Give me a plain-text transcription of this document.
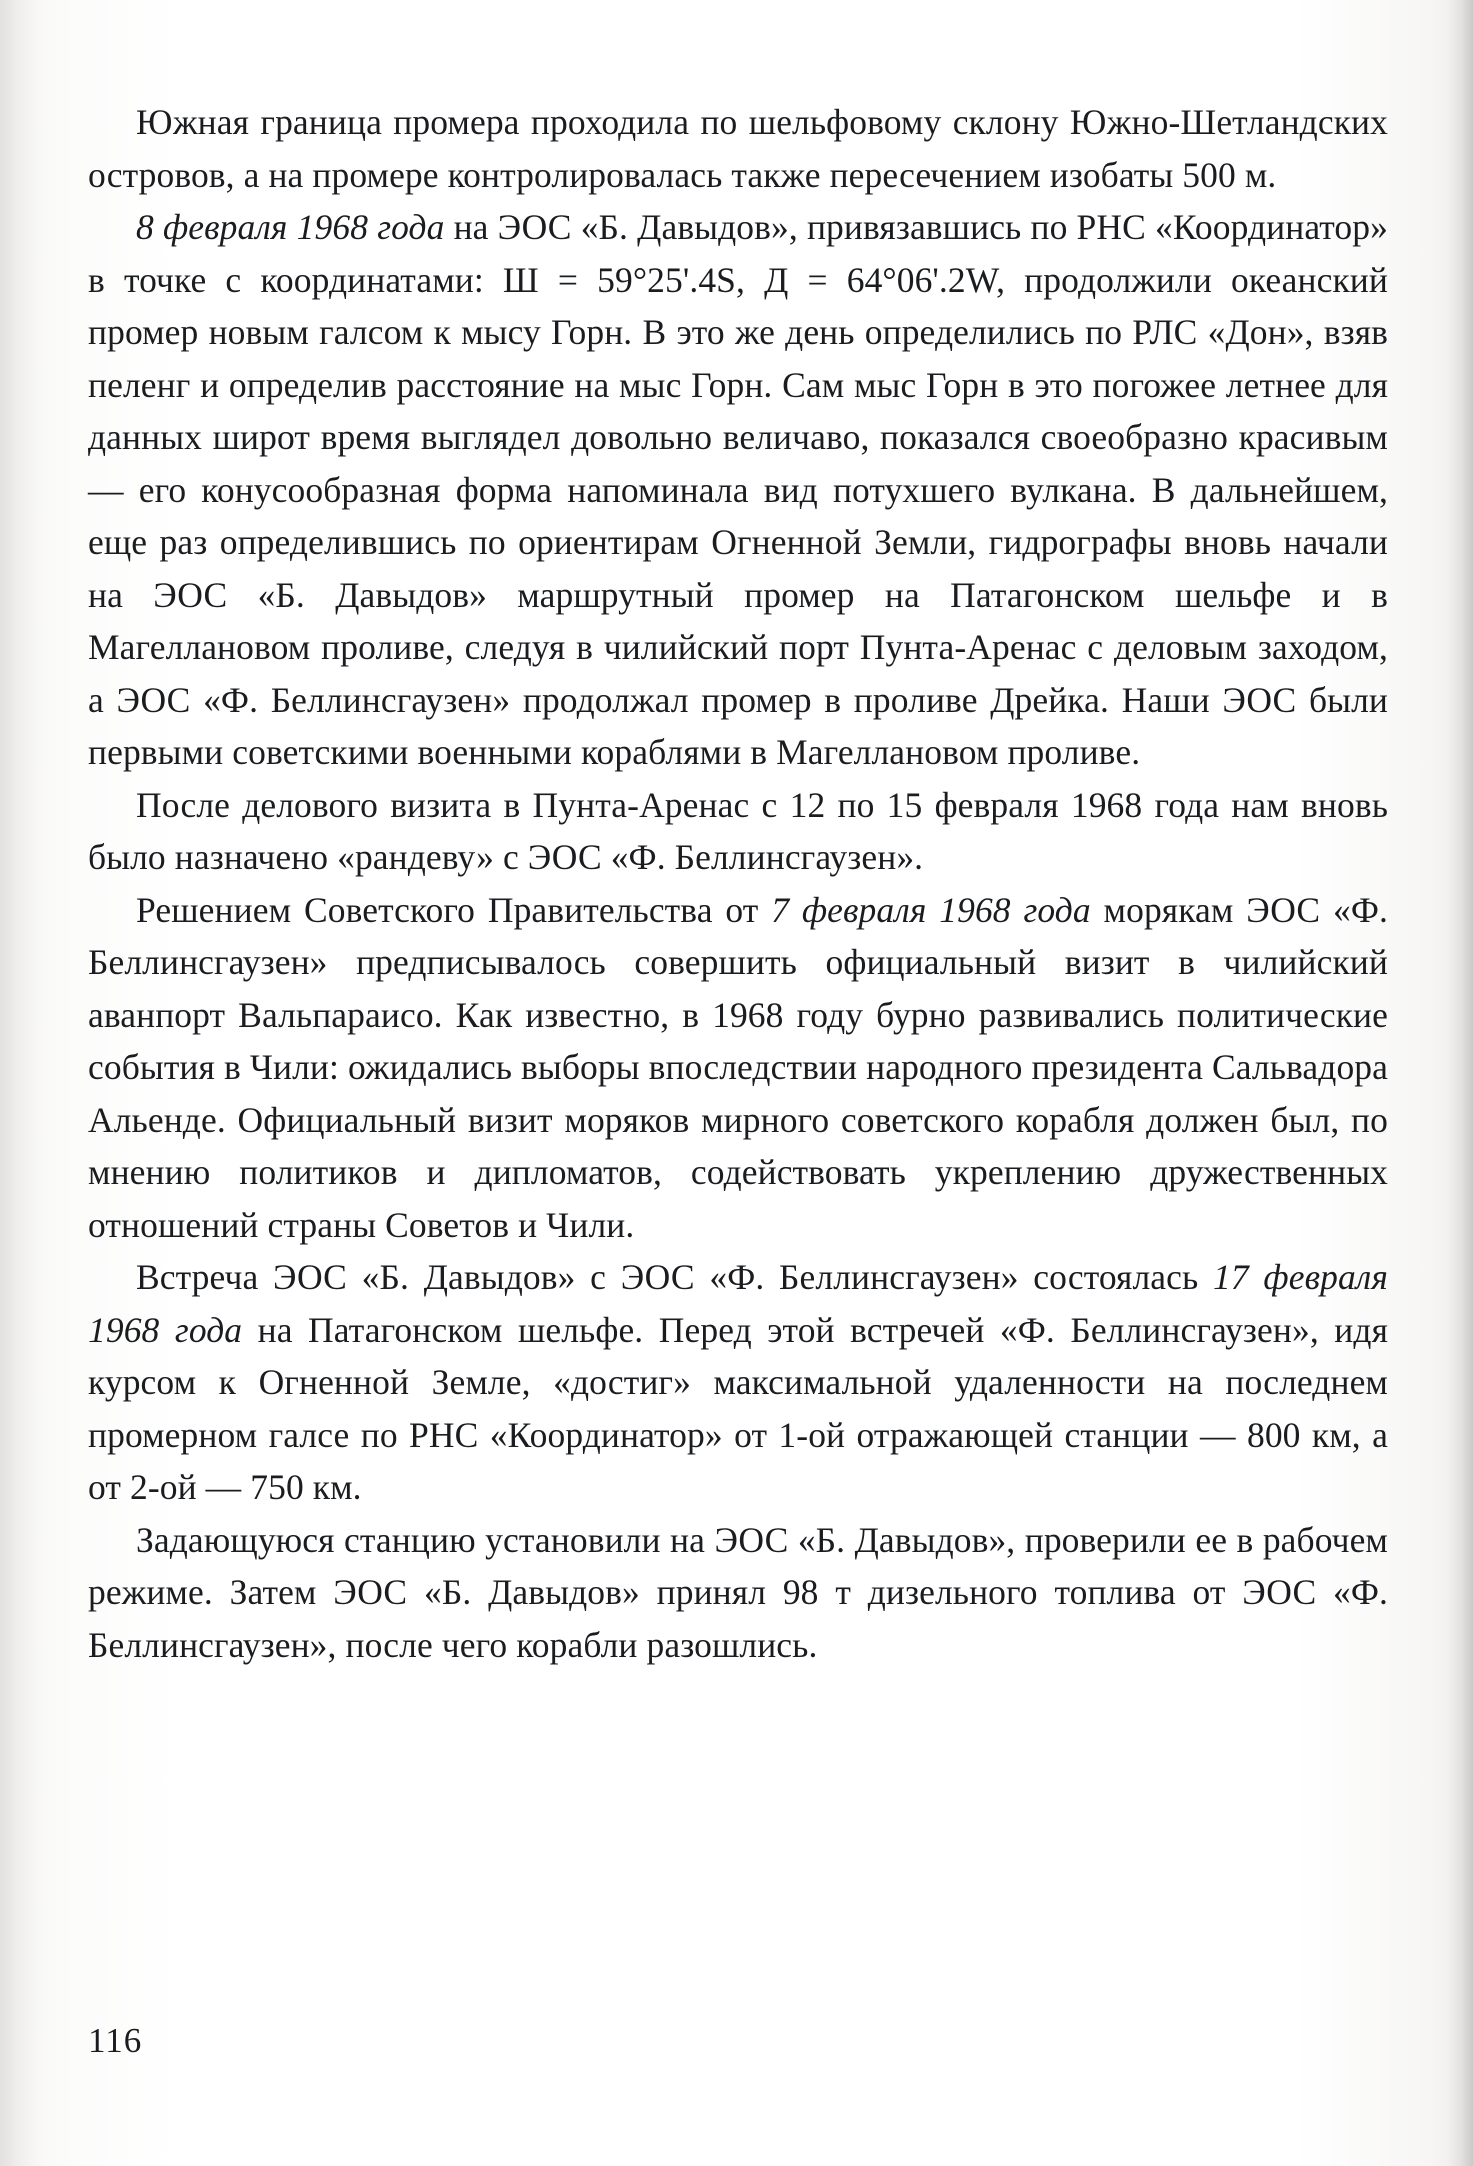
Южная граница промера проходила по шельфовому склону Южно-Шетландских островов, а на промере контролировалась также пересечением изобаты 500 м.

8 февраля 1968 года на ЭОС «Б. Давыдов», привязавшись по РНС «Координатор» в точке с координатами: Ш = 59°25'.4S, Д = 64°06'.2W, продолжили океанский промер новым галсом к мысу Горн. В это же день определились по РЛС «Дон», взяв пеленг и определив расстояние на мыс Горн. Сам мыс Горн в это погожее летнее для данных широт время выглядел довольно величаво, показался своеобразно красивым — его конусообразная форма напоминала вид потухшего вулкана. В дальнейшем, еще раз определившись по ориентирам Огненной Земли, гидрографы вновь начали на ЭОС «Б. Давыдов» маршрутный промер на Патагонском шельфе и в Магеллановом проливе, следуя в чилийский порт Пунта-Аренас с деловым заходом, а ЭОС «Ф. Беллинсгаузен» продолжал промер в проливе Дрейка. Наши ЭОС были первыми советскими военными кораблями в Магеллановом проливе.

После делового визита в Пунта-Аренас с 12 по 15 февраля 1968 года нам вновь было назначено «рандеву» с ЭОС «Ф. Беллинсгаузен».

Решением Советского Правительства от 7 февраля 1968 года морякам ЭОС «Ф. Беллинсгаузен» предписывалось совершить официальный визит в чилийский аванпорт Вальпараисо. Как известно, в 1968 году бурно развивались политические события в Чили: ожидались выборы впоследствии народного президента Сальвадора Альенде. Официальный визит моряков мирного советского корабля должен был, по мнению политиков и дипломатов, содействовать укреплению дружественных отношений страны Советов и Чили.

Встреча ЭОС «Б. Давыдов» с ЭОС «Ф. Беллинсгаузен» состоялась 17 февраля 1968 года на Патагонском шельфе. Перед этой встречей «Ф. Беллинсгаузен», идя курсом к Огненной Земле, «достиг» максимальной удаленности на последнем промерном галсе по РНС «Координатор» от 1-ой отражающей станции — 800 км, а от 2-ой — 750 км.

Задающуюся станцию установили на ЭОС «Б. Давыдов», проверили ее в рабочем режиме. Затем ЭОС «Б. Давыдов» принял 98 т дизельного топлива от ЭОС «Ф. Беллинсгаузен», после чего корабли разошлись.

116
